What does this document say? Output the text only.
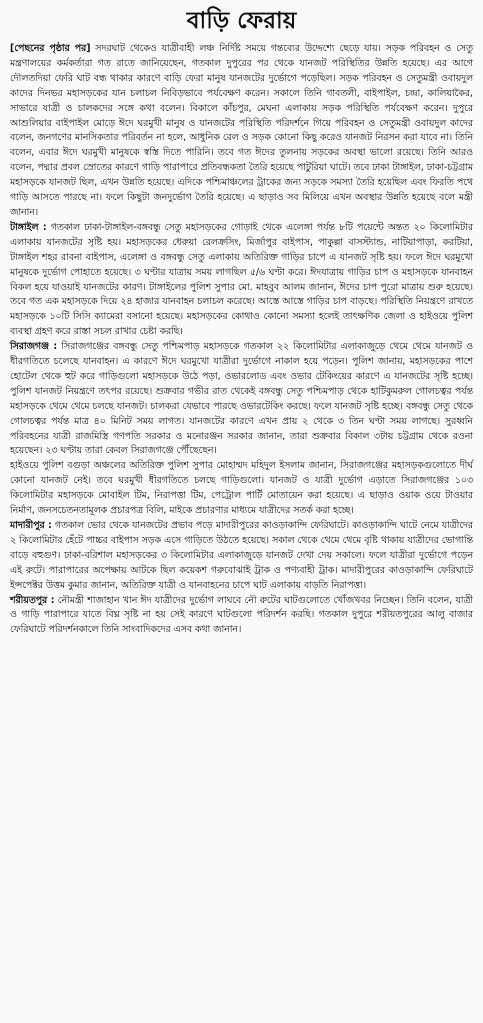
বাড়ি ফেরায়

[পেছনের পৃষ্ঠার পর] সদরঘাট থেকেও যাত্রীবাহী লঞ্চ নির্দিষ্ট সময়ে গন্তব্যের উদ্দেশ্যে ছেড়ে যায়। সড়ক পরিবহন ও সেতু মন্ত্রণালয়ের কর্মকর্তারা গত রাতে জানিয়েছেন, গতকাল দুপুরের পর থেকে যানজট পরিস্থিতির উন্নতি হয়েছে। এর আগে দৌলতদিয়া ফেরি ঘাট বন্ধ থাকার কারণে বাড়ি ফেরা মানুষ যানজটের দুর্ভোগে পড়েছিল। সড়ক পরিবহন ও সেতুমন্ত্রী ওবায়দুল কাদের দিনভর মহাসড়কের যান চলাচল নিবিড়ভাবে পর্যবেক্ষণ করেন। সকালে তিনি গাবতলী, বাইপাইল, চন্দ্রা, কালিয়াকৈর, সাভারে যাত্রী ও চালকদের সঙ্গে কথা বলেন। বিকালে কাঁচপুর, মেঘনা এলাকায় সড়ক পরিস্থিতি পর্যবেক্ষণ করেন। দুপুরে আশুলিয়ার বাইপাইল মোড়ে ঈদে ঘরমুখী মানুষ ও যানজটের পরিস্থিতি পরিদর্শনে গিয়ে পরিবহন ও সেতুমন্ত্রী ওবায়দুল কাদের বলেন, জনগণের মানসিকতার পরিবর্তন না হলে, আধুনিক রেল ও সড়ক কোনো কিছু করেও যানজট নিরসন করা যাবে না। তিনি বলেন, এবার ঈদে ঘরমুখী মানুষকে স্বস্তি দিতে পারিনি। তবে গত ঈদের তুলনায় সড়কের অবস্থা ভালো রয়েছে। তিনি আরও বলেন, পদ্মার প্রবল স্রোতের কারণে গাড়ি পারাপারে প্রতিবন্ধকতা তৈরি হয়েছে পাটুরিয়া ঘাটে। তবে ঢাকা টাঙ্গাইল, ঢাকা-চট্টগ্রাম মহাসড়কে যানজট ছিল, এখন উন্নতি হয়েছে। এদিকে পশ্চিমাঞ্চলের ট্রাকের জন্য সড়কে সমস্যা তৈরি হয়েছিল এবং ফিরতি পথে গাড়ি আসতে পারছে না। ফলে কিছুটা জনদুর্ভোগ তৈরি হয়েছে। এ ছাড়াও সব মিলিয়ে এখন অবস্থার উন্নতি হয়েছে বলে মন্ত্রী জানান।

টাঙ্গাইল : গতকাল ঢাকা-টাঙ্গাইল-বঙ্গবন্ধু সেতু মহাসড়কের গোড়াই থেকে এলেঙ্গা পর্যন্ত ৮টি পয়েন্টে অন্তত ২০ কিলোমিটার এলাকায় যানজটের সৃষ্টি হয়। মহাসড়কের ধেরুয়া রেলক্রসিং, মির্জাপুর বাইপাস, পাকুল্লা বাসস্ট্যান্ড, নাটিয়াপাড়া, করটিয়া, টাঙ্গাইল শহর রাবনা বাইপাস, এলেঙ্গা ও বঙ্গবন্ধু সেতু এলাকায় অতিরিক্ত গাড়ির চাপে এ যানজট সৃষ্টি হয়। ফলে ঈদে ঘরমুখো মানুষকে দুর্ভোগ পোহাতে হয়েছে। ৩ ঘণ্টার যাত্রায় সময় লাগছিল ৫/৬ ঘণ্টা করে। ঈদযাত্রায় গাড়ির চাপ ও মহাসড়কে যানবাহন বিকল হয়ে যাওয়াই যানজটের কারণ। টাঙ্গাইলের পুলিশ সুপার মো. মাহবুব আলম জানান, ঈদের চাপ পুরো মাত্রায় শুরু হয়েছে। তবে গত এক মহাসড়কে দিয়ে ২৪ হাজার যানবাহন চলাচল করেছে। আস্তে আস্তে গাড়ির চাপ বাড়ছে। পরিস্থিতি নিয়ন্ত্রণে রাখতে মহাসড়কে ১০টি সিসি ক্যামেরা বসানো হয়েছে। মহাসড়কের কোথাও কোনো সমস্যা হলেই তাৎক্ষণিক জেলা ও হাইওয়ে পুলিশ ব্যবস্থা গ্রহণ করে রাস্তা সচল রাখার চেষ্টা করছি।

সিরাজগঞ্জ : সিরাজগঞ্জের বঙ্গবন্ধু সেতু পশ্চিমপাড় মহাসড়কে গতকাল ২২ কিলোমিটার এলাকাজুড়ে থেমে থেমে যানজট ও ধীরগতিতে চলেছে যানবাহন। এ কারণে ঈদে ঘরমুখো যাত্রীরা দুর্ভোগে নাকাল হয়ে পড়েন। পুলিশ জানায়, মহাসড়কের পাশে হোটেল থেকে হুট করে গাড়িগুলো মহাসড়কে উঠে পড়া, ওভারলোড এবং ওভার টেকিংয়ের কারণে এ যানজটের সৃষ্টি হচ্ছে। পুলিশ যানজট নিয়ন্ত্রণে তৎপর রয়েছে। শুক্রবার গভীর রাত থেকেই বঙ্গবন্ধু সেতু পশ্চিমপাড় থেকে হাটিকুমরুল গোলচত্বর পর্যন্ত মহাসড়কে থেমে থেমে চলছে যানজট। চালকরা যেভাবে পারছে ওভারটেকিং করছে। ফলে যানজট সৃষ্টি হচ্ছে। বঙ্গবন্ধু সেতু থেকে গোলচত্বর পর্যন্ত মাত্র ৪০ মিনিট সময় লাগত। যানজটের কারণে এখন প্রায় ২ থেকে ৩ তিন ঘণ্টা সময় লাগছে। সুরধ্বনি পরিবহনের যাত্রী রাজমিস্ত্রি গণপতি সরকার ও মনোরঞ্জন সরকার জানান, তারা শুক্রবার বিকাল ৩টায় চট্টগ্রাম থেকে রওনা হয়েছেন। ২৩ ঘণ্টায় তারা কেবল সিরাজগঞ্জে পৌঁছেছেন।

হাইওয়ে পুলিশ বগুড়া অঞ্চলের অতিরিক্ত পুলিশ সুপার মোহাম্মদ মহিদুল ইসলাম জানান, সিরাজগঞ্জের মহাসড়কগুলোতে দীর্ঘ কোনো যানজট নেই। তবে ঘরমুখী ধীরগতিতে চলছে গাড়িগুলো। যানজট ও যাত্রী দুর্ভোগ এড়াতে সিরাজগঞ্জের ১০৩ কিলোমিটার মহাসড়কে মোবাইল টিম, নিরাপত্তা টিম, পেট্রোল পার্টি মোতায়েন করা হয়েছে। এ ছাড়াও ওয়াক ওয়ে টাওয়ার নির্মাণ, জনসচেতনতামূলক প্রচারপত্র বিলি, মাইকে প্রচারণার মাধ্যমে যাত্রীদের সতর্ক করা হচ্ছে।

মাদারীপুর : গতকাল ভোর থেকে যানজটের প্রভাব পড়ে মাদারীপুরের কাওড়াকান্দি ফেরিঘাটে। কাওড়াকান্দি ঘাটে নেমে যাত্রীদের ২ কিলোমিটার হেঁটে পাচ্চর বাইপাস সড়ক এসে গাড়িতে উঠতে হয়েছে। সকাল থেকে থেমে থেমে বৃষ্টি থাকায় যাত্রীদের ভোগান্তি বাড়ে বহুগুণ। ঢাকা-বরিশাল মহাসড়কের ৩ কিলোমিটার এলাকাজুড়ে যানজট দেখা দেয় সকালে। ফলে যাত্রীরা দুর্ভোগে পড়েন এই রুটে। পারাপারের অপেক্ষায় আটকে ছিল কয়েকশ গরুবোঝাই ট্রাক ও পণ্যবাহী ট্রাক। মাদারীপুরের কাওড়াকান্দি ফেরিঘাটে ইন্সপেক্টর উত্তম কুমার জানান, অতিরিক্ত যাত্রী ও যানবাহনের চাপে ঘাট এলাকায় বাড়তি নিরাপত্তা।

শরীয়তপুর : নৌমন্ত্রী শাজাহান খান ঈদ যাত্রীদের দুর্ভোগ লাঘবে নৌ রুটের ঘাটগুলোতে খোঁজখবর নিচ্ছেন। তিনি বলেন, যাত্রী ও গাড়ি পারাপারে যাতে বিঘ্ন সৃষ্টি না হয় সেই কারণে ঘাটগুলো পরিদর্শন করছি। গতকাল দুপুরে শরীয়তপুরের আলু বাজার ফেরিঘাটে পরিদর্শনকালে তিনি সাংবাদিকদের এসব কথা জানান।
